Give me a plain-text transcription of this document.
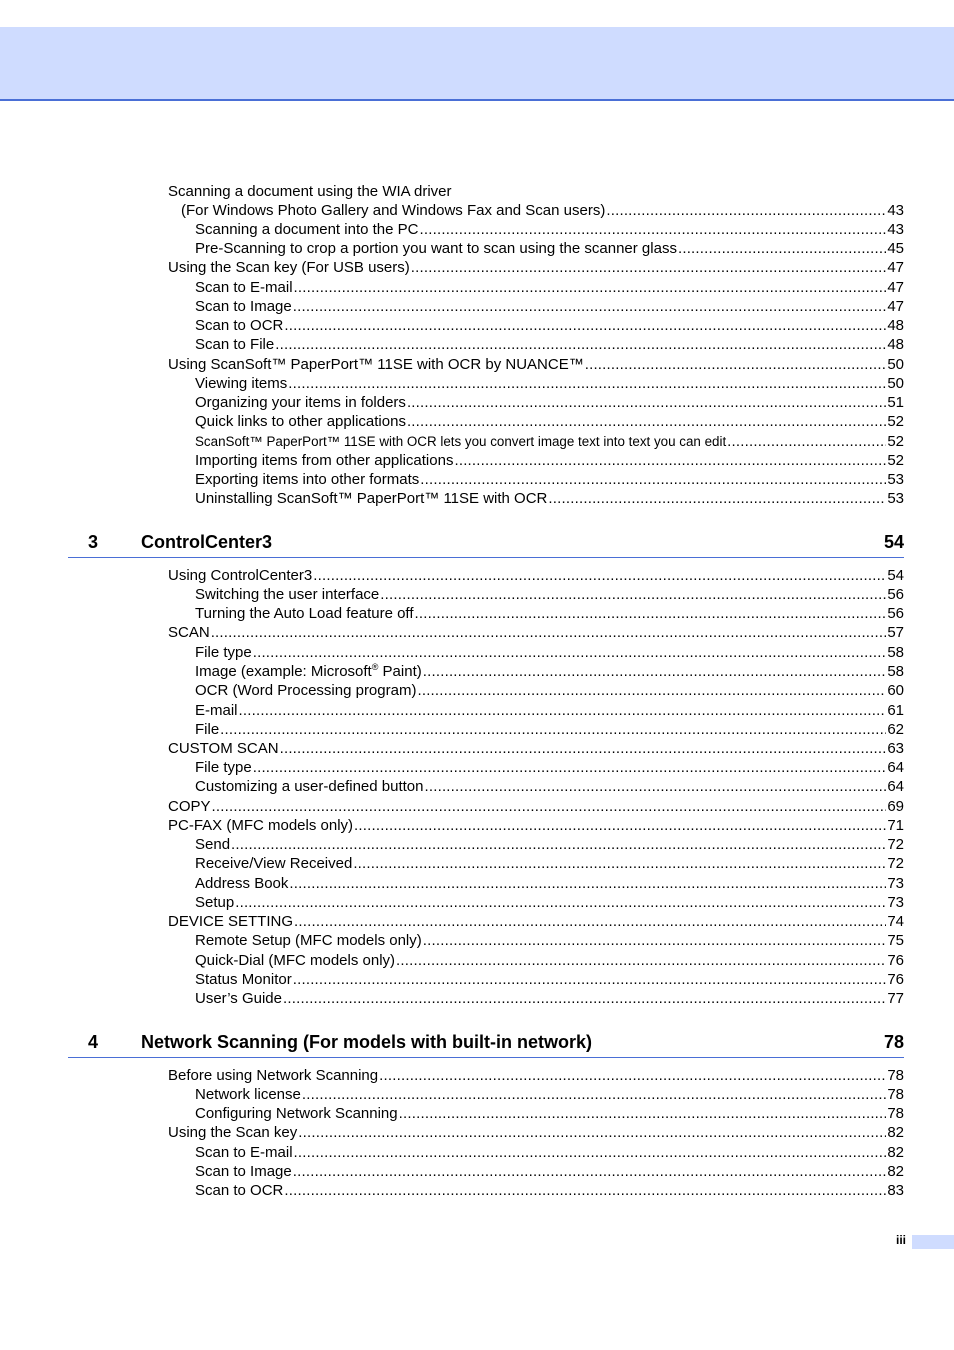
Scanning a document using the WIA driver
(For Windows Photo Gallery and Windows Fax and Scan users) .....	43
Scanning a document into the PC .....	43
Pre-Scanning to crop a portion you want to scan using the scanner glass .....	45
Using the Scan key (For USB users) .....	47
Scan to E-mail .....	47
Scan to Image .....	47
Scan to OCR .....	48
Scan to File .....	48
Using ScanSoft™ PaperPort™ 11SE with OCR by NUANCE™ .....	50
Viewing items .....	50
Organizing your items in folders .....	51
Quick links to other applications .....	52
ScanSoft™ PaperPort™ 11SE with OCR lets you convert image text into text you can edit .....	52
Importing items from other applications .....	52
Exporting items into other formats .....	53
Uninstalling ScanSoft™ PaperPort™ 11SE with OCR .....	53
3 ControlCenter3	54
Using ControlCenter3 .....	54
Switching the user interface .....	56
Turning the Auto Load feature off .....	56
SCAN .....	57
File type .....	58
Image (example: Microsoft® Paint) .....	58
OCR (Word Processing program) .....	60
E-mail .....	61
File .....	62
CUSTOM SCAN .....	63
File type .....	64
Customizing a user-defined button .....	64
COPY .....	69
PC-FAX (MFC models only) .....	71
Send .....	72
Receive/View Received .....	72
Address Book .....	73
Setup .....	73
DEVICE SETTING .....	74
Remote Setup (MFC models only) .....	75
Quick-Dial (MFC models only) .....	76
Status Monitor .....	76
User’s Guide .....	77
4 Network Scanning (For models with built-in network)	78
Before using Network Scanning .....	78
Network license .....	78
Configuring Network Scanning .....	78
Using the Scan key .....	82
Scan to E-mail .....	82
Scan to Image .....	82
Scan to OCR .....	83
iii
